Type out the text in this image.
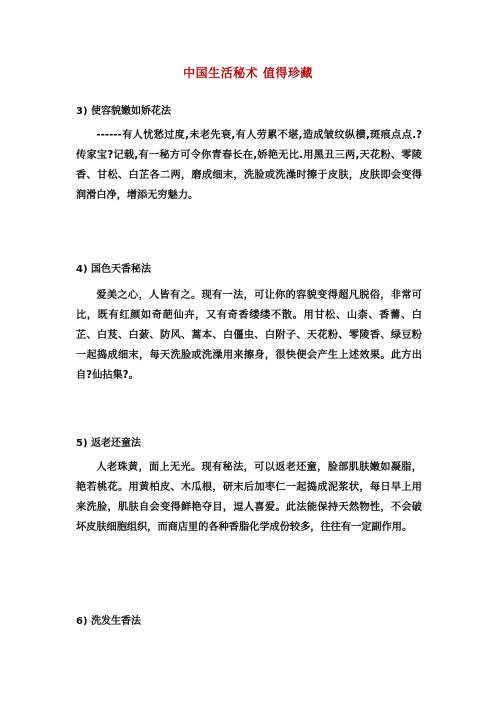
中国生活秘术 值得珍藏
3) 使容貌嫩如娇花法
------有人忧愁过度,未老先衰,有人劳累不堪,造成皱纹纵横,斑痕点点.?传家宝?记载,有一秘方可令你青春长在,娇艳无比.用黑丑三两,天花粉、零陵香、甘松、白芷各二两，磨成细末，洗脸或洗澡时擦于皮肤，皮肤即会变得润滑白净，增添无穷魅力。
4) 国色天香秘法
爱美之心，人皆有之。现有一法，可让你的容貌变得超凡脱俗，非常可比，既有红颜如奇葩仙卉，又有奇香缕缕不散。用甘松、山柰、香薷、白芷、白芨、白蔹、防风、蒿本、白僵虫、白附子、天花粉、零陵香、绿豆粉一起捣成细末，每天洗脸或洗澡用来擦身，很快便会产生上述效果。此方出自?仙拈集?。
5) 返老还童法
人老珠黄，面上无光。现有秘法，可以返老还童，脸部肌肤嫩如凝脂，艳若桃花。用黄柏皮、木瓜根，研末后加枣仁一起捣成泥浆状，每日早上用来洗脸，肌肤自会变得鲜艳夺目，逗人喜爱。此法能保持天然物性，不会破坏皮肤细胞组织，而商店里的各种香脂化学成份较多，往往有一定副作用。
6) 洗发生香法
